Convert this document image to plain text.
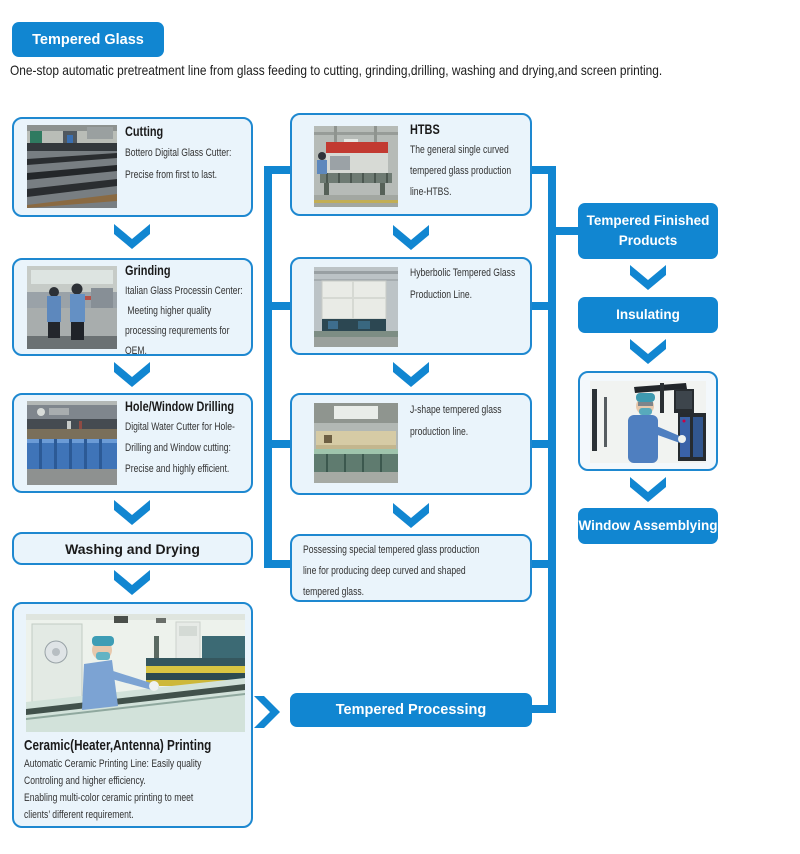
Tempered Glass
One-stop automatic pretreatment line from glass feeding to cutting, grinding,drilling, washing and drying,and screen printing.
Cutting
Bottero Digital Glass Cutter:
Precise from first to last.
Grinding
Italian Glass Processin Center:
Meeting higher quality
processing requrements for
OEM.
Hole/Window Drilling
Digital Water Cutter for Hole-
Drilling and Window cutting:
Precise and highly efficient.
Washing and Drying
Ceramic(Heater,Antenna) Printing
Automatic Ceramic Printing Line: Easily quality
Controling and higher efficiency.
Enabling multi-color ceramic printing to meet
clients’ different requirement.
HTBS
The general single curved
tempered glass production
line-HTBS.
Hyberbolic Tempered Glass
Production Line.
J-shape tempered glass
production line.
Possessing special tempered glass production
line for producing deep curved and shaped
tempered glass.
Tempered Processing
Tempered Finished
Products
Insulating
Window Assemblying
